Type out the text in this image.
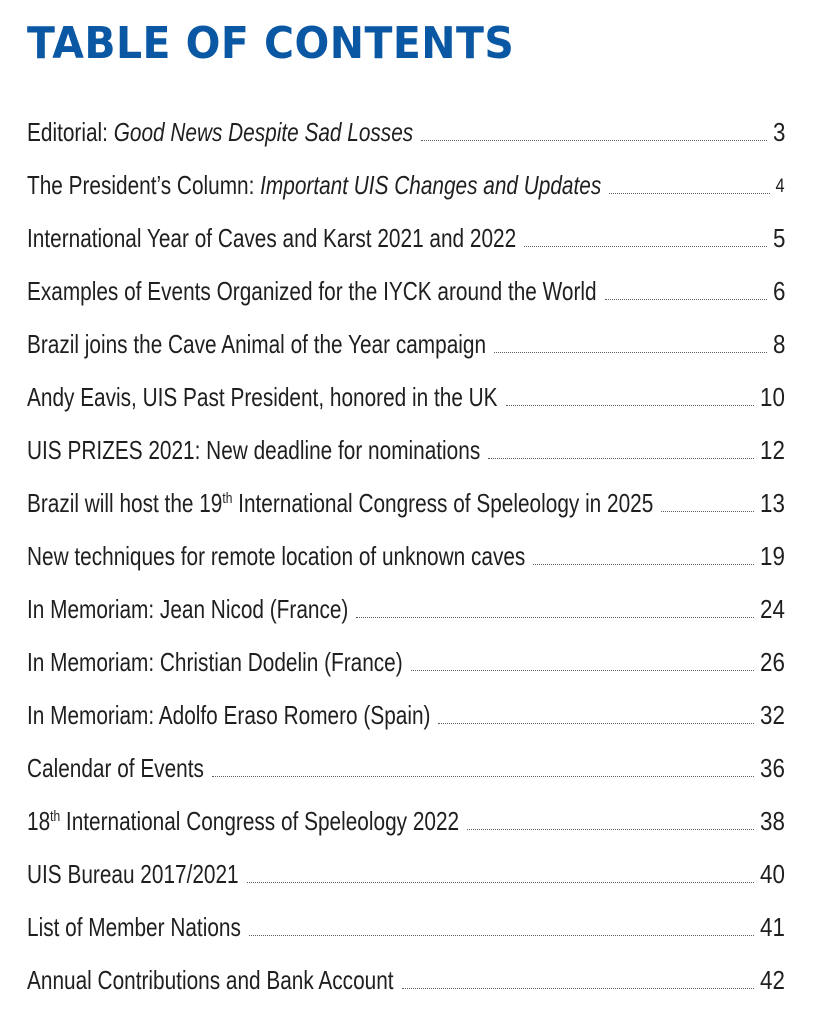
TABLE OF CONTENTS
Editorial: Good News Despite Sad Losses	3
The President’s Column: Important UIS Changes and Updates	4
International Year of Caves and Karst 2021 and 2022	5
Examples of Events Organized for the IYCK around the World	6
Brazil joins the Cave Animal of the Year campaign	8
Andy Eavis, UIS Past President, honored in the UK	10
UIS PRIZES 2021: New deadline for nominations	12
Brazil will host the 19th International Congress of Speleology in 2025	13
New techniques for remote location of unknown caves	19
In Memoriam: Jean Nicod (France)	24
In Memoriam: Christian Dodelin (France)	26
In Memoriam: Adolfo Eraso Romero (Spain)	32
Calendar of Events	36
18th International Congress of Speleology 2022	38
UIS Bureau 2017/2021	40
List of Member Nations	41
Annual Contributions and Bank Account	42
